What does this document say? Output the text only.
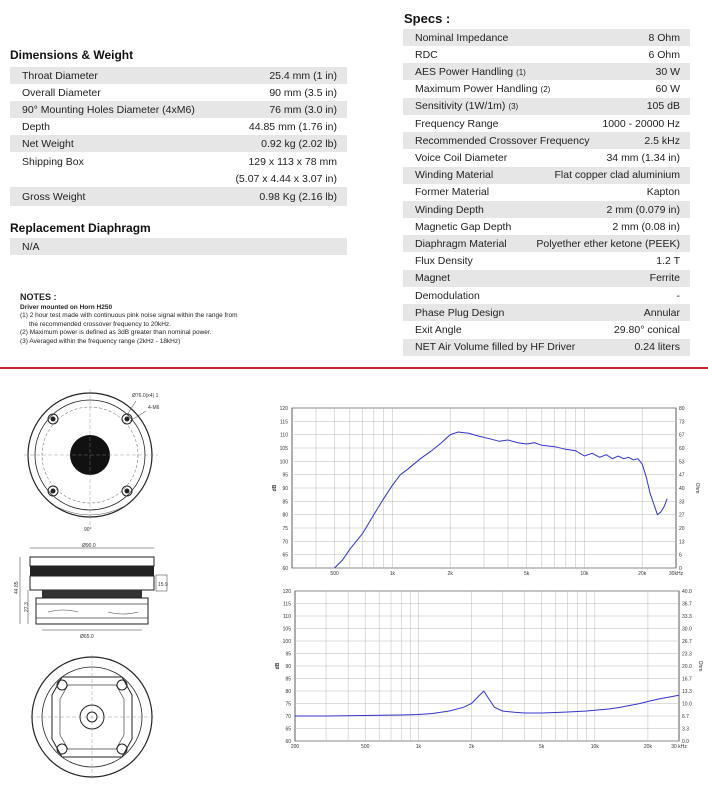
Dimensions & Weight
Throat Diameter	25.4 mm (1 in)
Overall Diameter	90 mm (3.5 in)
90° Mounting Holes Diameter (4xM6)	76 mm (3.0 in)
Depth	44.85 mm (1.76 in)
Net Weight	0.92 kg (2.02 lb)
Shipping Box	129 x 113 x 78 mm
(5.07 x 4.44 x 3.07 in)
Gross Weight	0.98 Kg (2.16 lb)
Replacement Diaphragm
N/A
NOTES :
Driver mounted on Horn H250
(1) 2 hour test made with continuous pink noise signal within the range from
the recommended crossover frequency to 20kHz.
(2) Maximum power is defined as 3dB greater than nominal power.
(3) Averaged within the frequency range (2kHz - 18kHz)
Specs :
Nominal Impedance	8 Ohm
RDC	6 Ohm
AES Power Handling (1)	30 W
Maximum Power Handling (2)	60 W
Sensitivity (1W/1m) (3)	105 dB
Frequency Range	1000 - 20000 Hz
Recommended Crossover Frequency	2.5 kHz
Voice Coil Diameter	34 mm (1.34 in)
Winding Material	Flat copper clad aluminium
Former Material	Kapton
Winding Depth	2 mm (0.079 in)
Magnetic Gap Depth	2 mm (0.08 in)
Diaphragm Material	Polyether ether ketone (PEEK)
Flux Density	1.2 T
Magnet	Ferrite
Demodulation	-
Phase Plug Design	Annular
Exit Angle	29.80° conical
NET Air Volume filled by HF Driver	0.24 liters
Ø76.0(x4) 1
4-M6
90°
Ø90.0
Ø65.0
44.85
27.3
15.9
60	0
65	6
70	13
75	20
80	27
85	33
90	40
95	47
100	53
105	60
110	67
115	73
120	80
500	1k	2k	5k	10k	20k	30kHz
dB	Ohm
60	0.0
65	3.3
70	6.7
75	10.0
80	13.3
85	16.7
90	20.0
95	23.3
100	26.7
105	30.0
110	33.3
115	36.7
120	40.0
200	500	1k	2k	5k	10k	20k	30 kHz
dB	Ohm
